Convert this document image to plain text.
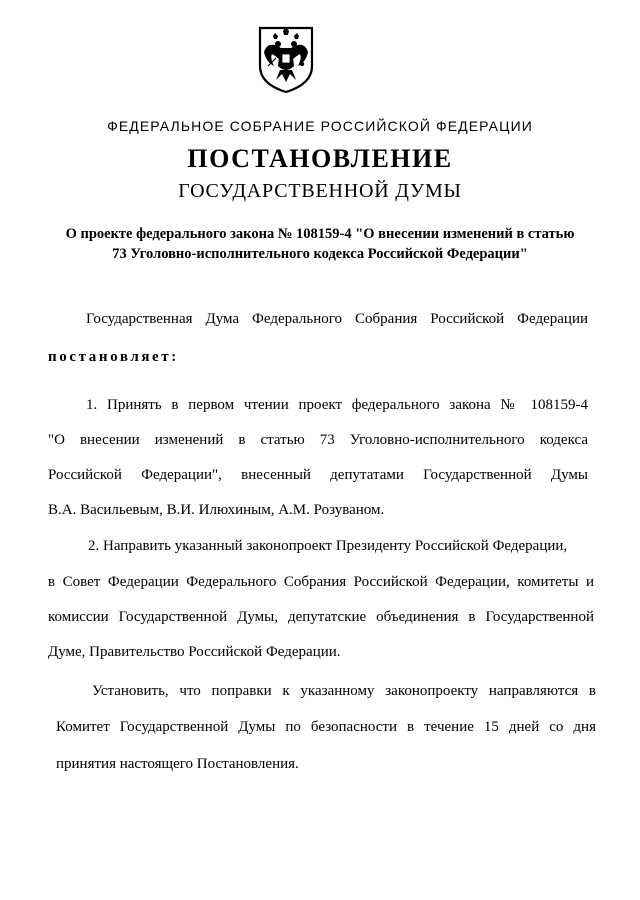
ФЕДЕРАЛЬНОЕ СОБРАНИЕ РОССИЙСКОЙ ФЕДЕРАЦИИ
ПОСТАНОВЛЕНИЕ
ГОСУДАРСТВЕННОЙ ДУМЫ
О проекте федерального закона № 108159-4 "О внесении изменений в статью
73 Уголовно-исполнительного кодекса Российской Федерации"
Государственная Дума Федерального Собрания Российской Федерации
постановляет:
1. Принять в первом чтении проект федерального закона № 108159-4
"О внесении изменений в статью 73 Уголовно-исполнительного кодекса
Российской Федерации", внесенный депутатами Государственной Думы
В.А. Васильевым, В.И. Илюхиным, А.М. Розуваном.
2. Направить указанный законопроект Президенту Российской Федерации,
в Совет Федерации Федерального Собрания Российской Федерации, комитеты и
комиссии Государственной Думы, депутатские объединения в Государственной
Думе, Правительство Российской Федерации.
Установить, что поправки к указанному законопроекту направляются в
Комитет Государственной Думы по безопасности в течение 15 дней со дня
принятия настоящего Постановления.
